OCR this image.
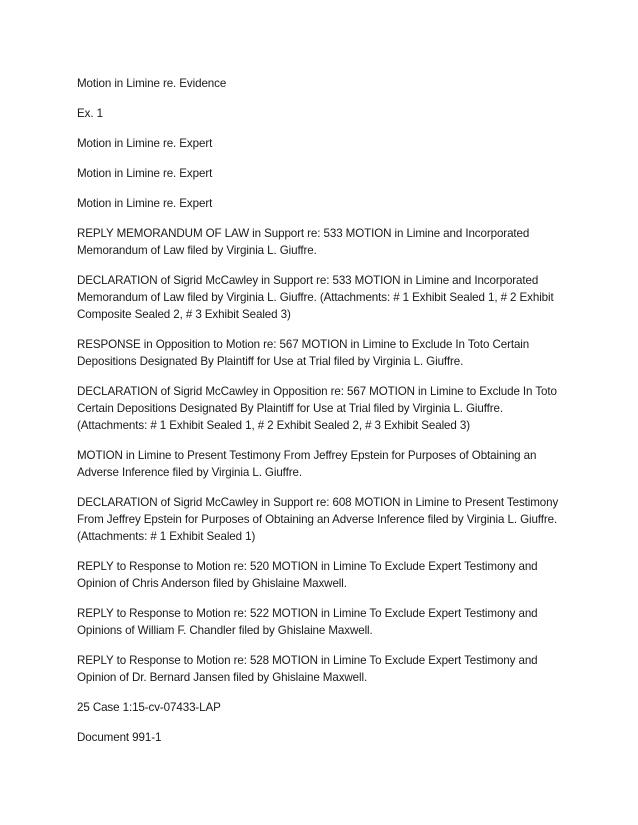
Motion in Limine re. Evidence
Ex. 1
Motion in Limine re. Expert
Motion in Limine re. Expert
Motion in Limine re. Expert
REPLY MEMORANDUM OF LAW in Support re: 533 MOTION in Limine and Incorporated Memorandum of Law filed by Virginia L. Giuffre.
DECLARATION of Sigrid McCawley in Support re: 533 MOTION in Limine and Incorporated Memorandum of Law filed by Virginia L. Giuffre. (Attachments: # 1 Exhibit Sealed 1, # 2 Exhibit Composite Sealed 2, # 3 Exhibit Sealed 3)
RESPONSE in Opposition to Motion re: 567 MOTION in Limine to Exclude In Toto Certain Depositions Designated By Plaintiff for Use at Trial filed by Virginia L. Giuffre.
DECLARATION of Sigrid McCawley in Opposition re: 567 MOTION in Limine to Exclude In Toto Certain Depositions Designated By Plaintiff for Use at Trial filed by Virginia L. Giuffre. (Attachments: # 1 Exhibit Sealed 1, # 2 Exhibit Sealed 2, # 3 Exhibit Sealed 3)
MOTION in Limine to Present Testimony From Jeffrey Epstein for Purposes of Obtaining an Adverse Inference filed by Virginia L. Giuffre.
DECLARATION of Sigrid McCawley in Support re: 608 MOTION in Limine to Present Testimony From Jeffrey Epstein for Purposes of Obtaining an Adverse Inference filed by Virginia L. Giuffre. (Attachments: # 1 Exhibit Sealed 1)
REPLY to Response to Motion re: 520 MOTION in Limine To Exclude Expert Testimony and Opinion of Chris Anderson filed by Ghislaine Maxwell.
REPLY to Response to Motion re: 522 MOTION in Limine To Exclude Expert Testimony and Opinions of William F. Chandler filed by Ghislaine Maxwell.
REPLY to Response to Motion re: 528 MOTION in Limine To Exclude Expert Testimony and Opinion of Dr. Bernard Jansen filed by Ghislaine Maxwell.
25 Case 1:15-cv-07433-LAP
Document 991-1
